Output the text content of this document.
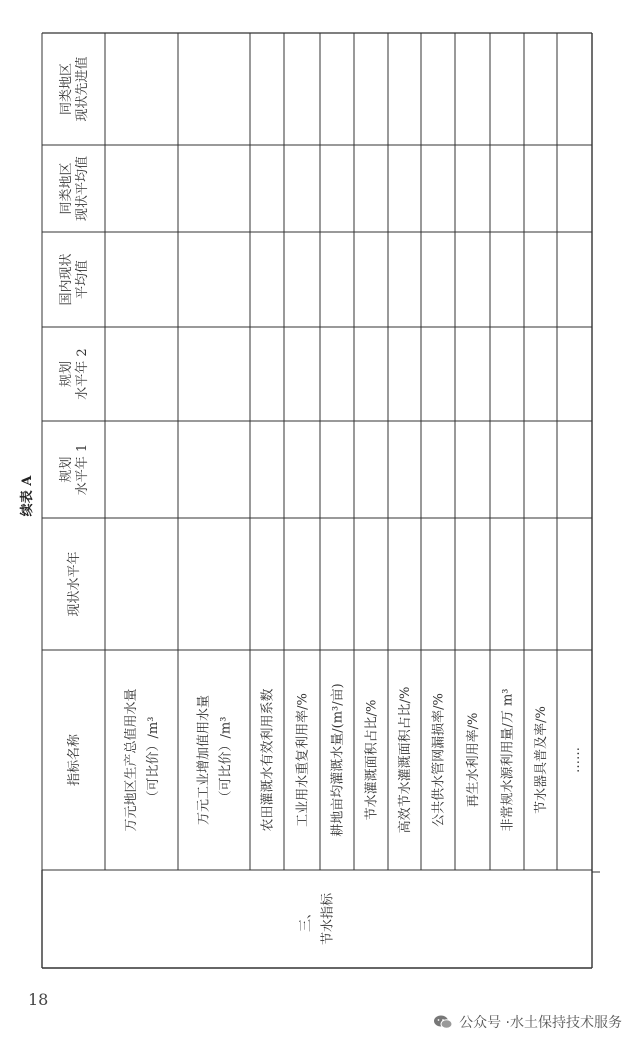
同类地区现状先进值
同类地区现状平均值
国内现状平均值
规划水平年 2
规划水平年 1
现状水平年
指标名称	万元地区生产总值用水量 （可比价）/m³	万元工业增加值用水量 （可比价）/m³ 农田灌溉水有效利用系数 工业用水重复利用率/% 耕地亩均灌溉水量/(m³/亩) 节水灌溉面积占比/% 高效节水灌溉面积占比/% 公共供水管网漏损率/% 再生水利用率/% 非常规水源利用量/万 m³ 节水器具普及率/% ……
三、 节水指标
续表 A
18
公众号 · 水土保持技术服务
